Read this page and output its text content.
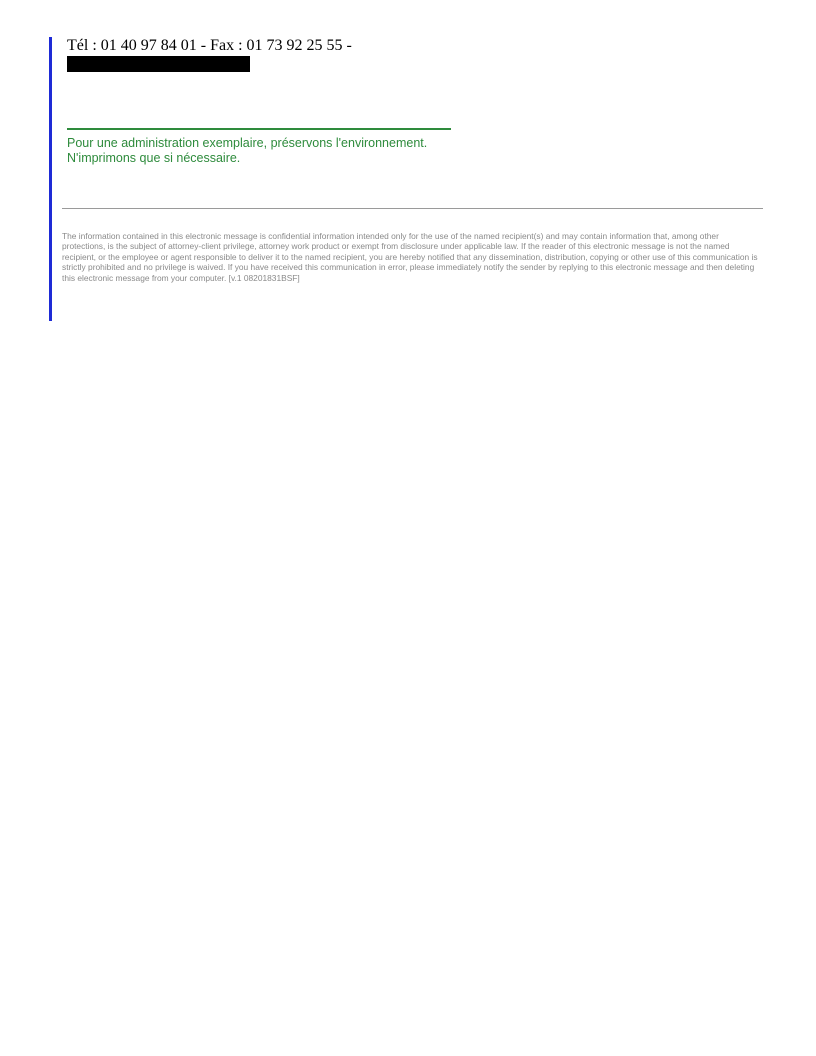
Tél : 01 40 97 84 01 - Fax : 01 73 92 25 55 -
Pour une administration exemplaire, préservons l'environnement.
N'imprimons que si nécessaire.
The information contained in this electronic message is confidential information intended only for the use of the named recipient(s) and may contain information that, among other protections, is the subject of attorney-client privilege, attorney work product or exempt from disclosure under applicable law. If the reader of this electronic message is not the named recipient, or the employee or agent responsible to deliver it to the named recipient, you are hereby notified that any dissemination, distribution, copying or other use of this communication is strictly prohibited and no privilege is waived. If you have received this communication in error, please immediately notify the sender by replying to this electronic message and then deleting this electronic message from your computer. [v.1 08201831BSF]
